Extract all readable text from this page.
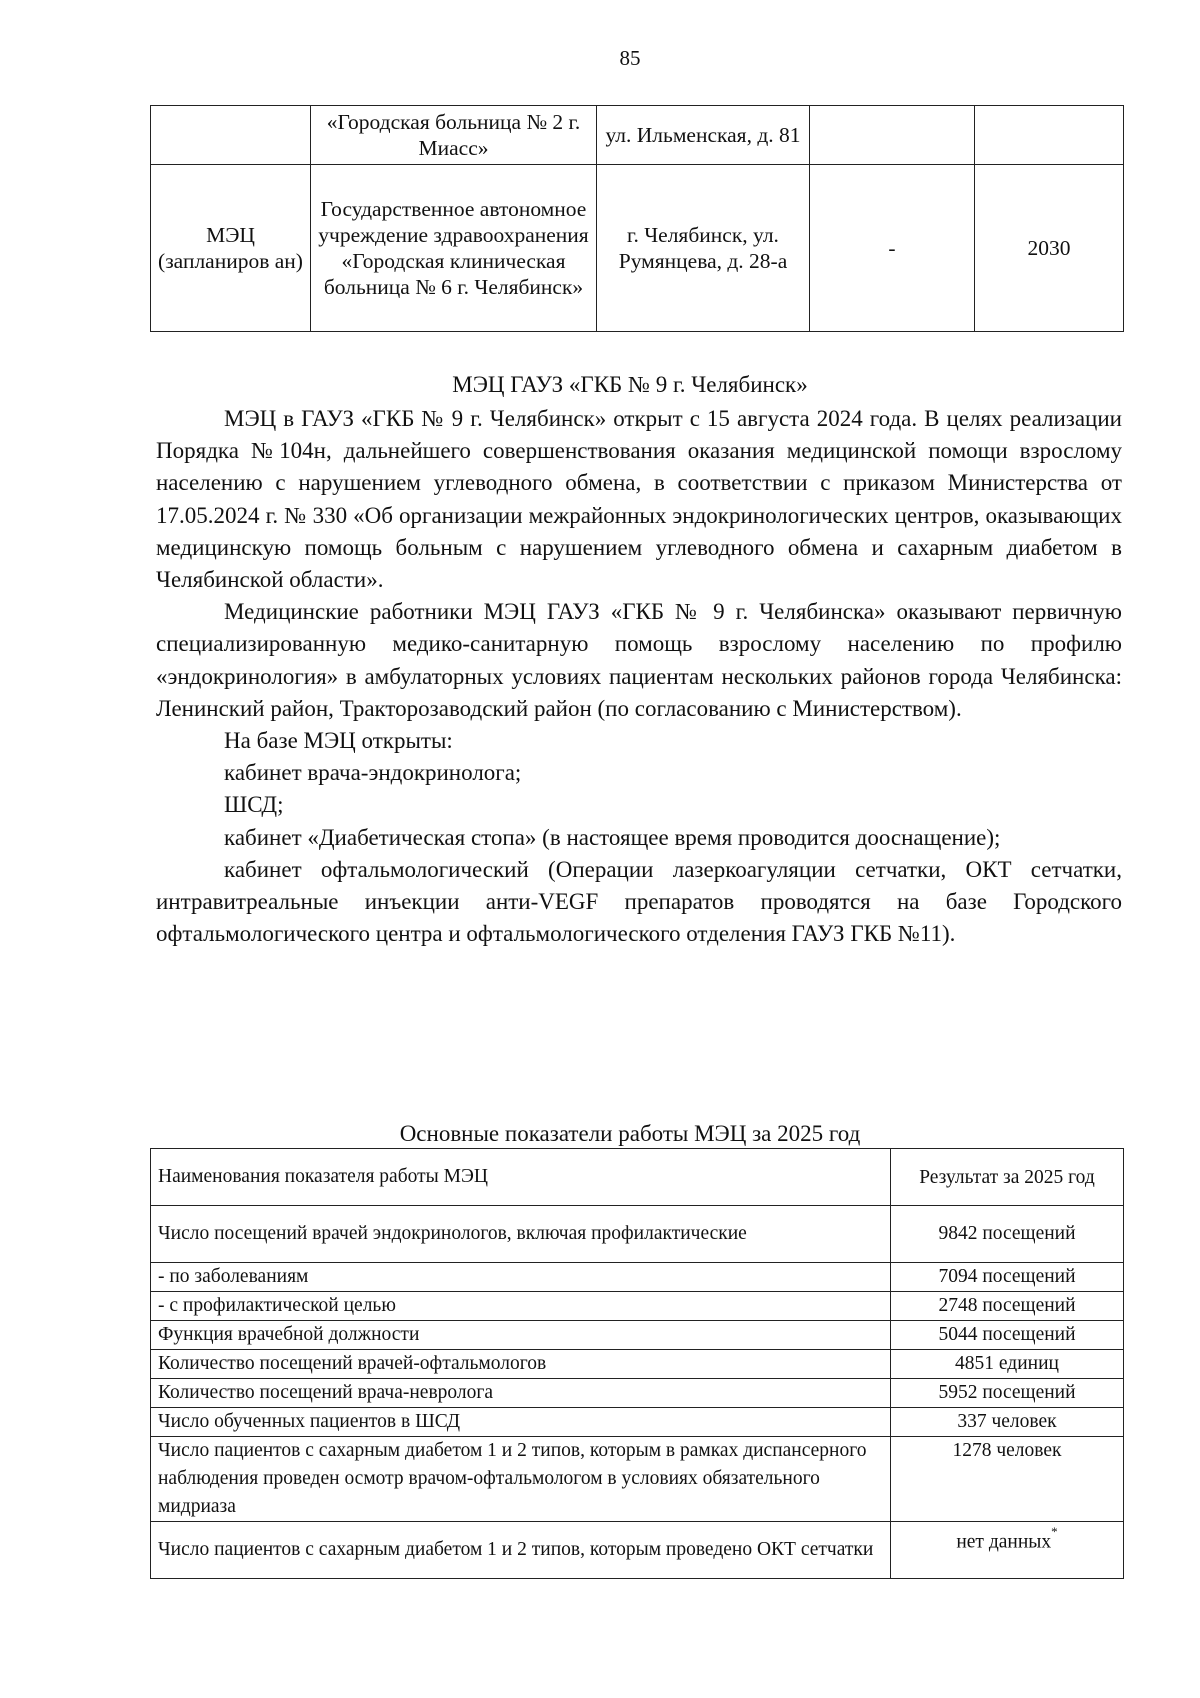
85
	«Городская больница № 2 г. Миасс»	ул. Ильменская, д. 81		
МЭЦ (запланиров ан)	Государственное автономное учреждение здравоохранения «Городская клиническая больница № 6 г. Челябинск»	г. Челябинск, ул. Румянцева, д. 28-а	-	2030
МЭЦ ГАУЗ «ГКБ № 9 г. Челябинск»

МЭЦ в ГАУЗ «ГКБ № 9 г. Челябинск» открыт с 15 августа 2024 года. В целях реализации Порядка №104н, дальнейшего совершенствования оказания медицинской помощи взрослому населению с нарушением углеводного обмена, в соответствии с приказом Министерства от 17.05.2024 г. № 330 «Об организации межрайонных эндокринологических центров, оказывающих медицинскую помощь больным с нарушением углеводного обмена и сахарным диабетом в Челябинской области».

Медицинские работники МЭЦ ГАУЗ «ГКБ № 9 г. Челябинска» оказывают первичную специализированную медико-санитарную помощь взрослому населению по профилю «эндокринология» в амбулаторных условиях пациентам нескольких районов города Челябинска: Ленинский район, Тракторозаводский район (по согласованию с Министерством).

На базе МЭЦ открыты:

кабинет врача-эндокринолога;

ШСД;

кабинет «Диабетическая стопа» (в настоящее время проводится дооснащение);

кабинет офтальмологический (Операции лазеркоагуляции сетчатки, ОКТ сетчатки, интравитреальные инъекции анти-VEGF препаратов проводятся на базе Городского офтальмологического центра и офтальмологического отделения ГАУЗ ГКБ №11).

Основные показатели работы МЭЦ за 2025 год
Наименования показателя работы МЭЦ	Результат за 2025 год
Число посещений врачей эндокринологов, включая профилактические	9842 посещений
- по заболеваниям	7094 посещений
- с профилактической целью	2748 посещений
Функция врачебной должности	5044 посещений
Количество посещений врачей-офтальмологов	4851 единиц
Количество посещений врача-невролога	5952 посещений
Число обученных пациентов в ШСД	337 человек
Число пациентов с сахарным диабетом 1 и 2 типов, которым в рамках диспансерного наблюдения проведен осмотр врачом-офтальмологом в условиях обязательного мидриаза	1278 человек
Число пациентов с сахарным диабетом 1 и 2 типов, которым проведено ОКТ сетчатки	нет данных*
